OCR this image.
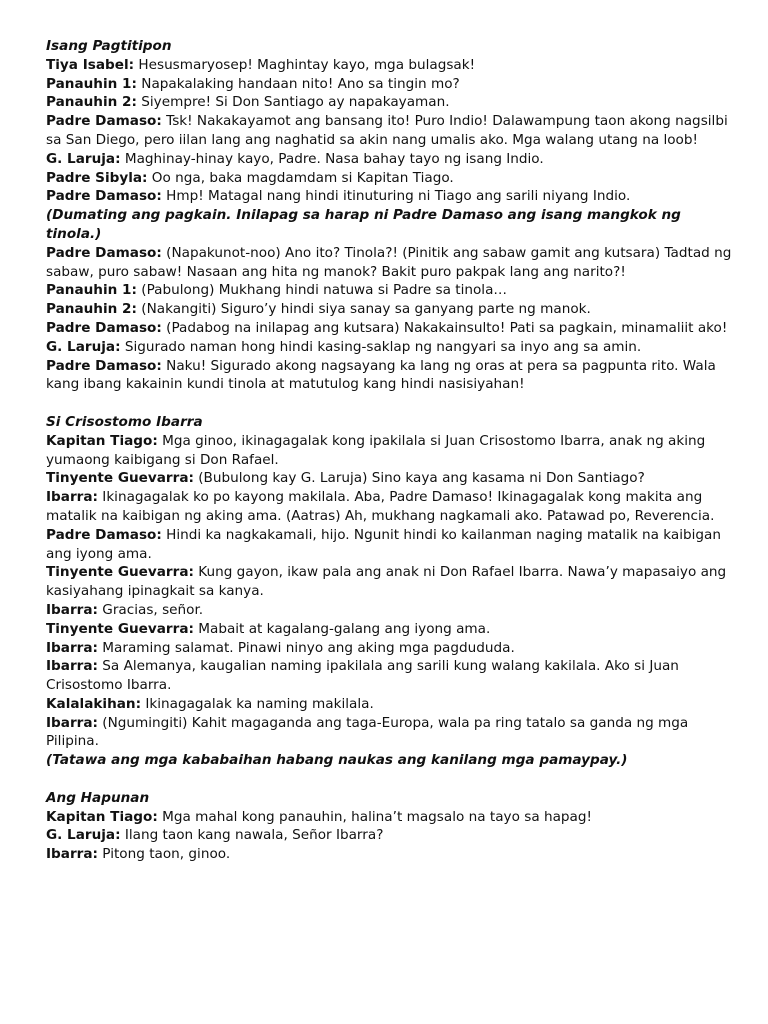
Isang Pagtitipon
Tiya Isabel: Hesusmaryosep! Maghintay kayo, mga bulagsak!
Panauhin 1: Napakalaking handaan nito! Ano sa tingin mo?
Panauhin 2: Siyempre! Si Don Santiago ay napakayaman.
Padre Damaso: Tsk! Nakakayamot ang bansang ito! Puro Indio! Dalawampung taon akong nagsilbi sa San Diego, pero iilan lang ang naghatid sa akin nang umalis ako. Mga walang utang na loob!
G. Laruja: Maghinay-hinay kayo, Padre. Nasa bahay tayo ng isang Indio.
Padre Sibyla: Oo nga, baka magdamdam si Kapitan Tiago.
Padre Damaso: Hmp! Matagal nang hindi itinuturing ni Tiago ang sarili niyang Indio.
(Dumating ang pagkain. Inilapag sa harap ni Padre Damaso ang isang mangkok ng tinola.)
Padre Damaso: (Napakunot-noo) Ano ito? Tinola?! (Pinitik ang sabaw gamit ang kutsara) Tadtad ng sabaw, puro sabaw! Nasaan ang hita ng manok? Bakit puro pakpak lang ang narito?!
Panauhin 1: (Pabulong) Mukhang hindi natuwa si Padre sa tinola…
Panauhin 2: (Nakangiti) Siguro’y hindi siya sanay sa ganyang parte ng manok.
Padre Damaso: (Padabog na inilapag ang kutsara) Nakakainsulto! Pati sa pagkain, minamaliit ako!
G. Laruja: Sigurado naman hong hindi kasing-saklap ng nangyari sa inyo ang sa amin.
Padre Damaso: Naku! Sigurado akong nagsayang ka lang ng oras at pera sa pagpunta rito. Wala kang ibang kakainin kundi tinola at matutulog kang hindi nasisiyahan!
Si Crisostomo Ibarra
Kapitan Tiago: Mga ginoo, ikinagagalak kong ipakilala si Juan Crisostomo Ibarra, anak ng aking yumaong kaibigang si Don Rafael.
Tinyente Guevarra: (Bubulong kay G. Laruja) Sino kaya ang kasama ni Don Santiago?
Ibarra: Ikinagagalak ko po kayong makilala. Aba, Padre Damaso! Ikinagagalak kong makita ang matalik na kaibigan ng aking ama. (Aatras) Ah, mukhang nagkamali ako. Patawad po, Reverencia.
Padre Damaso: Hindi ka nagkakamali, hijo. Ngunit hindi ko kailanman naging matalik na kaibigan ang iyong ama.
Tinyente Guevarra: Kung gayon, ikaw pala ang anak ni Don Rafael Ibarra. Nawa’y mapasaiyo ang kasiyahang ipinagkait sa kanya.
Ibarra: Gracias, señor.
Tinyente Guevarra: Mabait at kagalang-galang ang iyong ama.
Ibarra: Maraming salamat. Pinawi ninyo ang aking mga pagdududa.
Ibarra: Sa Alemanya, kaugalian naming ipakilala ang sarili kung walang kakilala. Ako si Juan Crisostomo Ibarra.
Kalalakihan: Ikinagagalak ka naming makilala.
Ibarra: (Ngumingiti) Kahit magaganda ang taga-Europa, wala pa ring tatalo sa ganda ng mga Pilipina.
(Tatawa ang mga kababaihan habang naukas ang kanilang mga pamaypay.)
Ang Hapunan
Kapitan Tiago: Mga mahal kong panauhin, halina’t magsalo na tayo sa hapag!
G. Laruja: Ilang taon kang nawala, Señor Ibarra?
Ibarra: Pitong taon, ginoo.
